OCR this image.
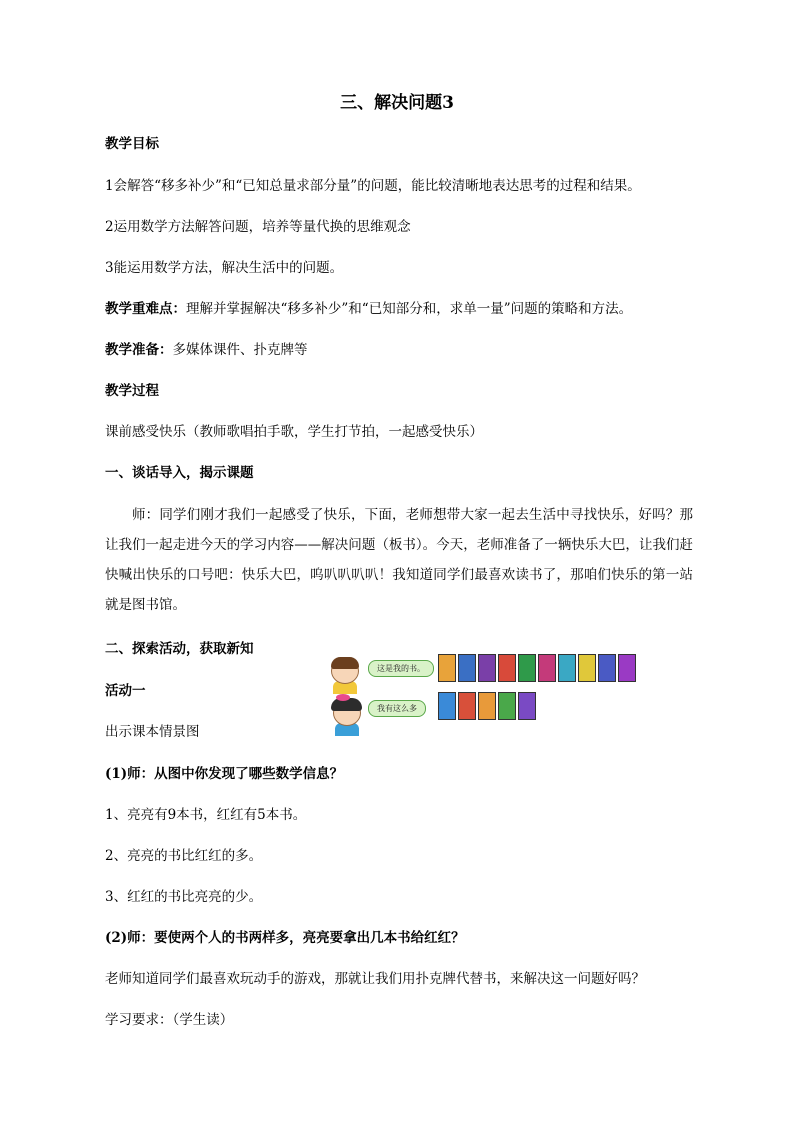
三、解决问题3
教学目标
1会解答“移多补少”和“已知总量求部分量”的问题，能比较清晰地表达思考的过程和结果。
2运用数学方法解答问题，培养等量代换的思维观念
3能运用数学方法，解决生活中的问题。
教学重难点：理解并掌握解决“移多补少”和“已知部分和，求单一量”问题的策略和方法。
教学准备：多媒体课件、扑克牌等
教学过程
课前感受快乐（教师歌唱拍手歌，学生打节拍，一起感受快乐）
一、谈话导入，揭示课题
师：同学们刚才我们一起感受了快乐，下面，老师想带大家一起去生活中寻找快乐，好吗？那让我们一起走进今天的学习内容——解决问题（板书）。今天，老师准备了一辆快乐大巴，让我们赶快喊出快乐的口号吧：快乐大巴，呜叭叭叭叭！我知道同学们最喜欢读书了，那咱们快乐的第一站就是图书馆。
二、探索活动，获取新知
活动一
出示课本情景图
这是我的书。
我有这么多
(1)师：从图中你发现了哪些数学信息？
1、亮亮有9本书，红红有5本书。
2、亮亮的书比红红的多。
3、红红的书比亮亮的少。
(2)师：要使两个人的书两样多，亮亮要拿出几本书给红红？
老师知道同学们最喜欢玩动手的游戏，那就让我们用扑克牌代替书，来解决这一问题好吗？
学习要求：（学生读）
